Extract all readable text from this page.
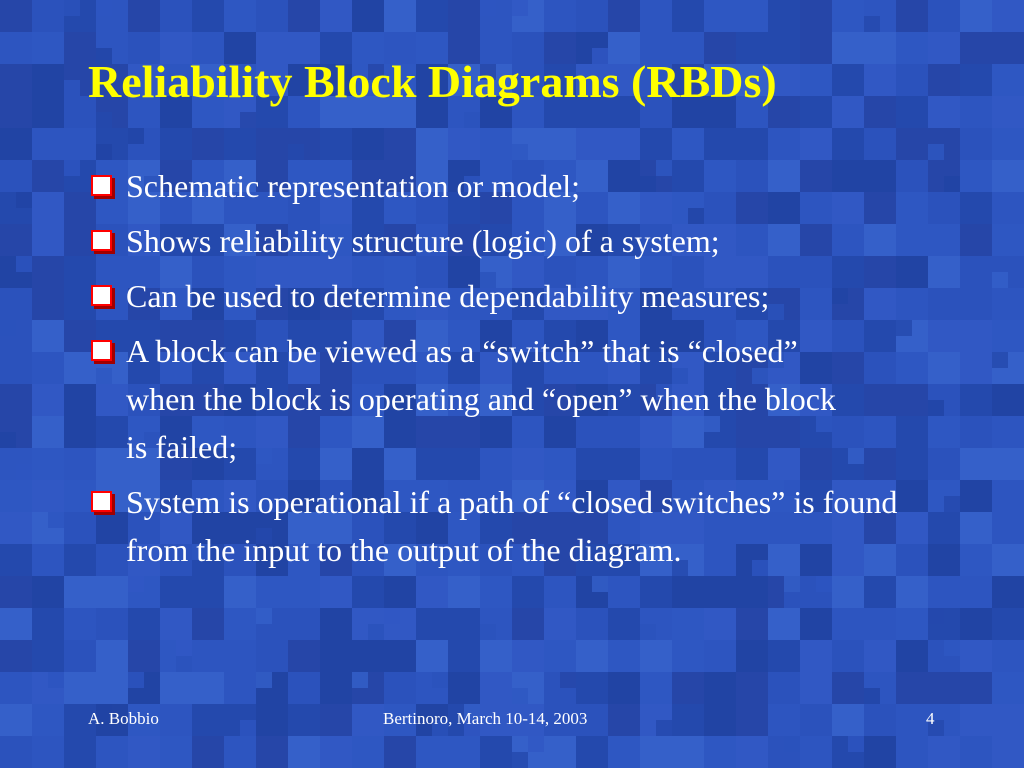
Reliability Block Diagrams (RBDs)
Schematic representation or model;
Shows reliability structure (logic) of a system;
Can be used to determine dependability measures;
A block can be viewed as a “switch” that is “closed” when the block is operating and “open” when the block is failed;
System is operational if a path of “closed switches” is found from the input to the output of the diagram.
A. Bobbio	Bertinoro, March 10-14, 2003	4
